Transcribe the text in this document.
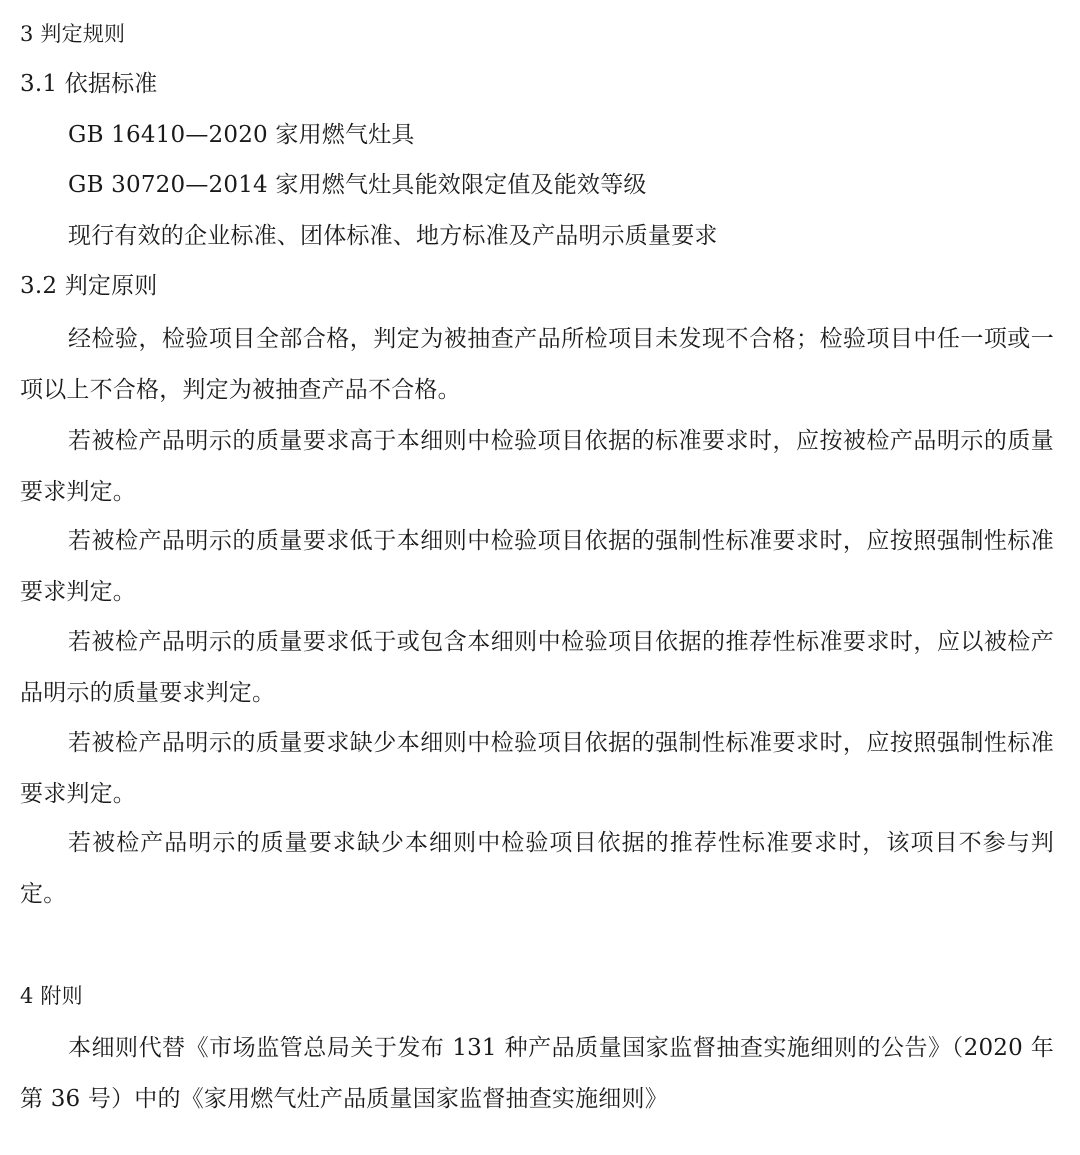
3 判定规则
3.1 依据标准
GB 16410—2020 家用燃气灶具
GB 30720—2014 家用燃气灶具能效限定值及能效等级
现行有效的企业标准、团体标准、地方标准及产品明示质量要求
3.2 判定原则
经检验，检验项目全部合格，判定为被抽查产品所检项目未发现不合格；检验项目中任一项或一项以上不合格，判定为被抽查产品不合格。
若被检产品明示的质量要求高于本细则中检验项目依据的标准要求时，应按被检产品明示的质量要求判定。
若被检产品明示的质量要求低于本细则中检验项目依据的强制性标准要求时，应按照强制性标准要求判定。
若被检产品明示的质量要求低于或包含本细则中检验项目依据的推荐性标准要求时，应以被检产品明示的质量要求判定。
若被检产品明示的质量要求缺少本细则中检验项目依据的强制性标准要求时，应按照强制性标准要求判定。
若被检产品明示的质量要求缺少本细则中检验项目依据的推荐性标准要求时，该项目不参与判定。
4 附则
本细则代替《市场监管总局关于发布 131 种产品质量国家监督抽查实施细则的公告》（2020 年第 36 号）中的《家用燃气灶产品质量国家监督抽查实施细则》
